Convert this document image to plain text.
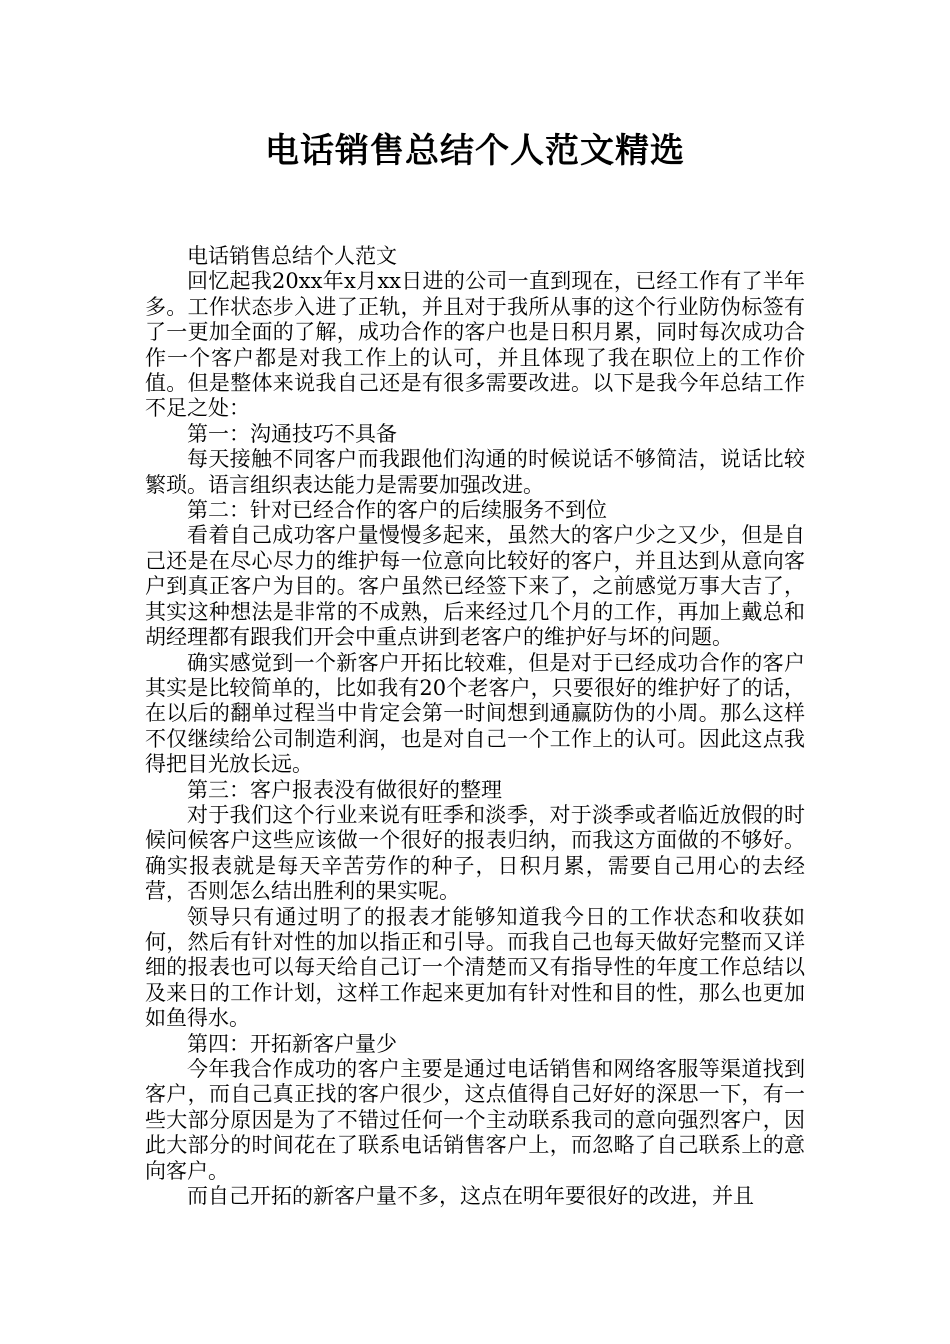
电话销售总结个人范文精选

电话销售总结个人范文

回忆起我20xx年x月xx日进的公司一直到现在，已经工作有了半年多。工作状态步入进了正轨，并且对于我所从事的这个行业防伪标签有了一更加全面的了解，成功合作的客户也是日积月累，同时每次成功合作一个客户都是对我工作上的认可，并且体现了我在职位上的工作价值。但是整体来说我自己还是有很多需要改进。以下是我今年总结工作不足之处：

第一：沟通技巧不具备

每天接触不同客户而我跟他们沟通的时候说话不够简洁，说话比较繁琐。语言组织表达能力是需要加强改进。

第二：针对已经合作的客户的后续服务不到位

看着自己成功客户量慢慢多起来，虽然大的客户少之又少，但是自己还是在尽心尽力的维护每一位意向比较好的客户，并且达到从意向客户到真正客户为目的。客户虽然已经签下来了，之前感觉万事大吉了，其实这种想法是非常的不成熟，后来经过几个月的工作，再加上戴总和胡经理都有跟我们开会中重点讲到老客户的维护好与坏的问题。

确实感觉到一个新客户开拓比较难，但是对于已经成功合作的客户其实是比较简单的，比如我有20个老客户，只要很好的维护好了的话，在以后的翻单过程当中肯定会第一时间想到通赢防伪的小周。那么这样不仅继续给公司制造利润，也是对自己一个工作上的认可。因此这点我得把目光放长远。

第三：客户报表没有做很好的整理

对于我们这个行业来说有旺季和淡季，对于淡季或者临近放假的时候问候客户这些应该做一个很好的报表归纳，而我这方面做的不够好。确实报表就是每天辛苦劳作的种子，日积月累，需要自己用心的去经营，否则怎么结出胜利的果实呢。

领导只有通过明了的报表才能够知道我今日的工作状态和收获如何，然后有针对性的加以指正和引导。而我自己也每天做好完整而又详细的报表也可以每天给自己订一个清楚而又有指导性的年度工作总结以及来日的工作计划，这样工作起来更加有针对性和目的性，那么也更加如鱼得水。

第四：开拓新客户量少

今年我合作成功的客户主要是通过电话销售和网络客服等渠道找到客户，而自己真正找的客户很少，这点值得自己好好的深思一下，有一些大部分原因是为了不错过任何一个主动联系我司的意向强烈客户，因此大部分的时间花在了联系电话销售客户上，而忽略了自己联系上的意向客户。

而自己开拓的新客户量不多，这点在明年要很好的改进，并且
